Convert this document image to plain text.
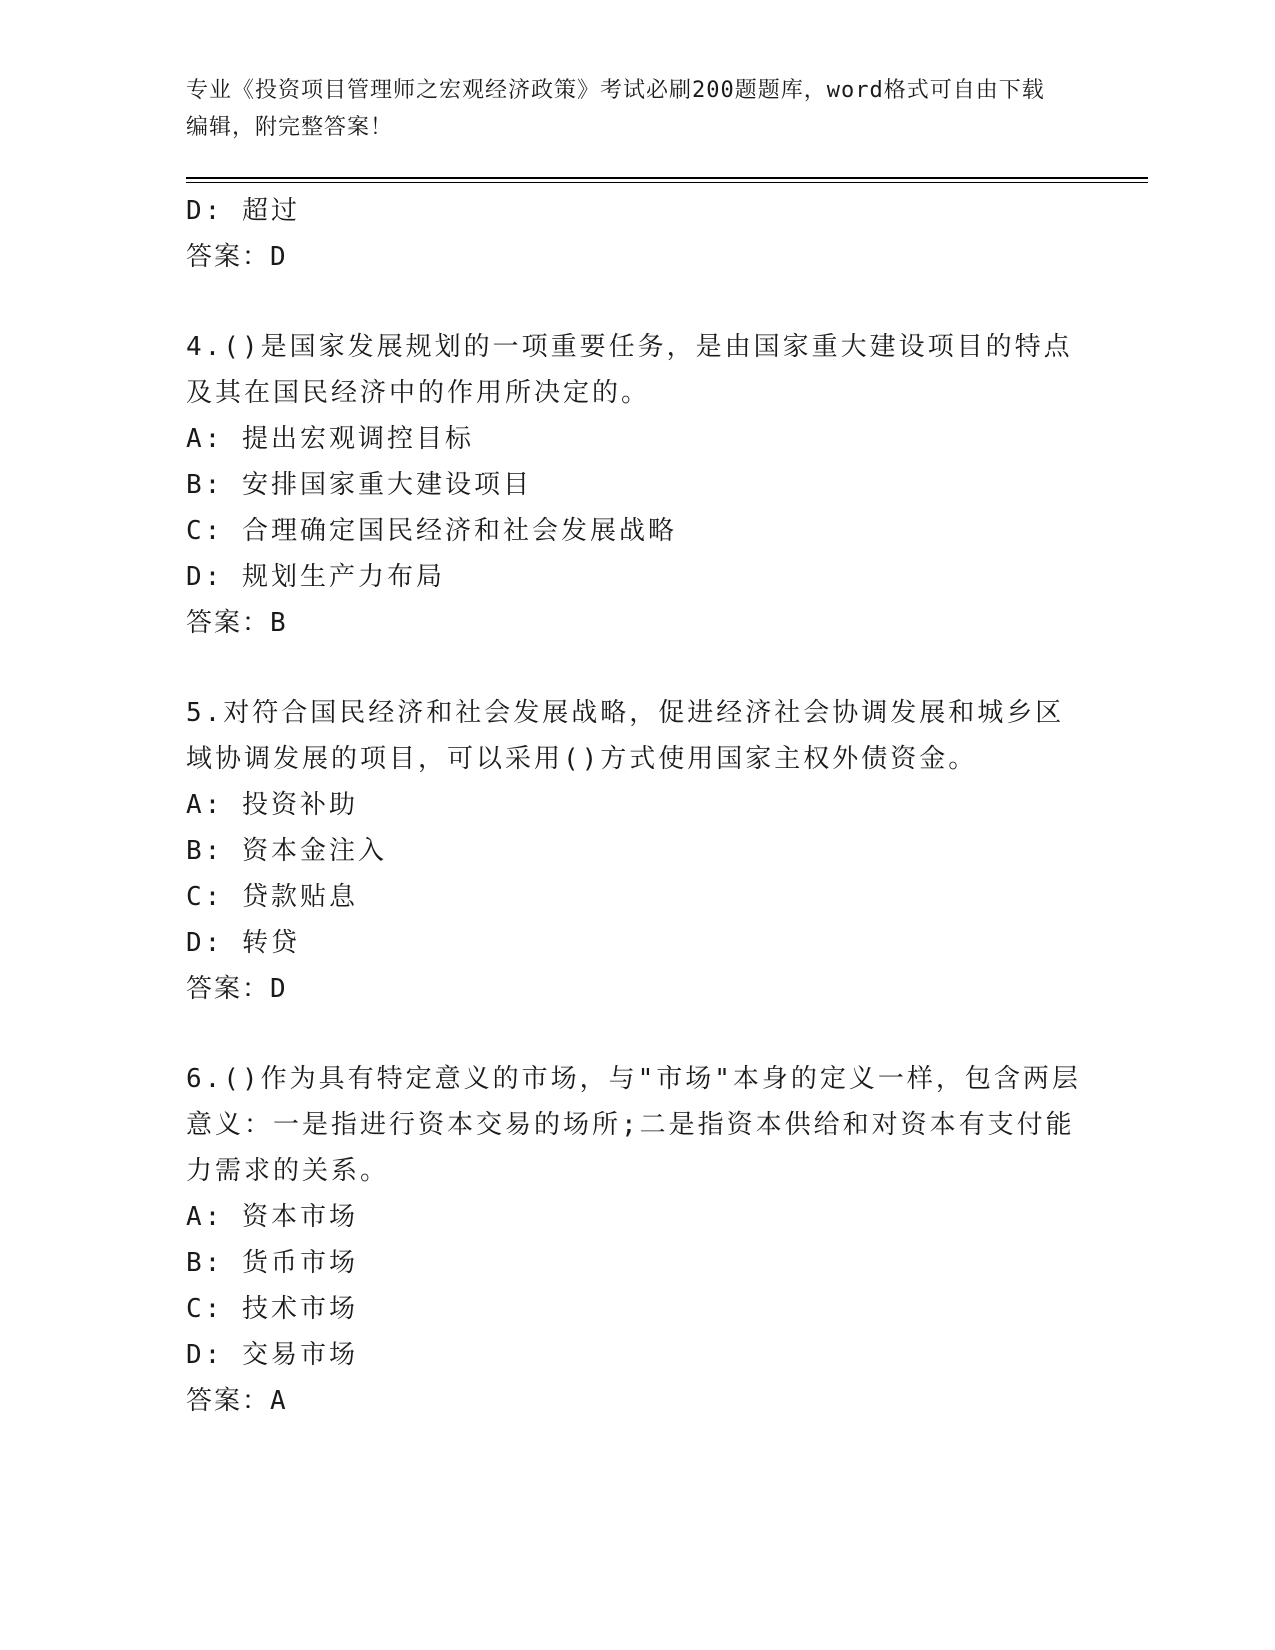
专业《投资项目管理师之宏观经济政策》考试必刷200题题库，word格式可自由下载编辑，附完整答案！
D: 超过
答案：D
4.()是国家发展规划的一项重要任务，是由国家重大建设项目的特点
及其在国民经济中的作用所决定的。
A: 提出宏观调控目标
B: 安排国家重大建设项目
C: 合理确定国民经济和社会发展战略
D: 规划生产力布局
答案：B
5.对符合国民经济和社会发展战略，促进经济社会协调发展和城乡区
域协调发展的项目，可以采用()方式使用国家主权外债资金。
A: 投资补助
B: 资本金注入
C: 贷款贴息
D: 转贷
答案：D
6.()作为具有特定意义的市场，与"市场"本身的定义一样，包含两层
意义：一是指进行资本交易的场所;二是指资本供给和对资本有支付能
力需求的关系。
A: 资本市场
B: 货币市场
C: 技术市场
D: 交易市场
答案：A
